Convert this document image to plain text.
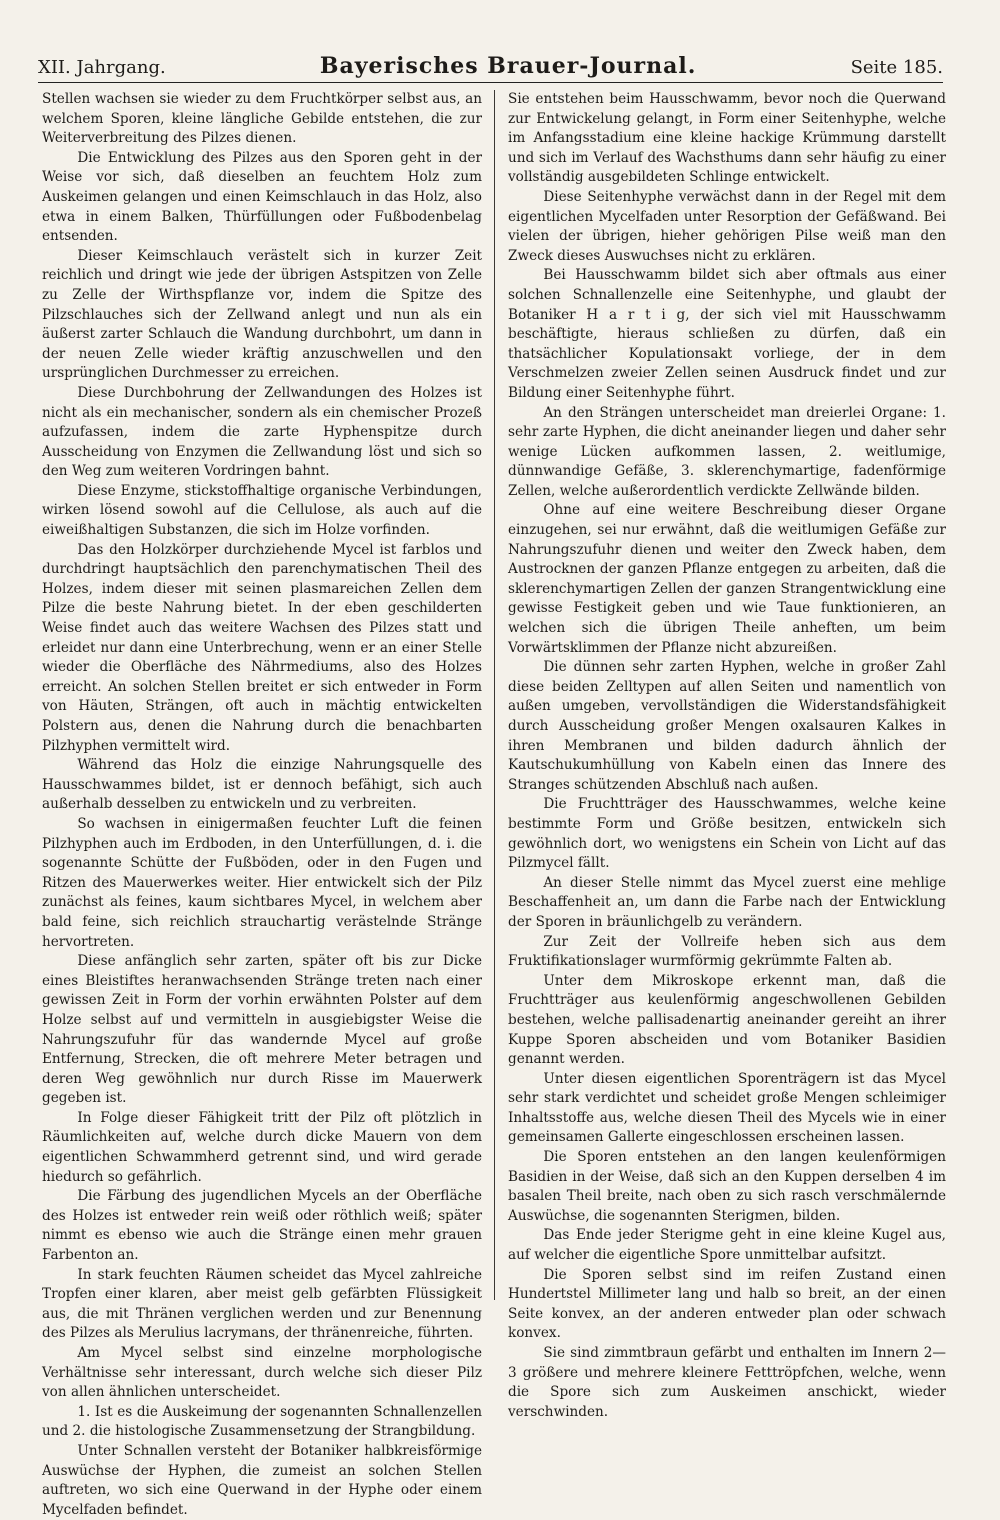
XII. Jahrgang.	Bayerisches Brauer-Journal.	Seite 185.

Stellen wachsen sie wieder zu dem Fruchtkörper selbst aus, an welchem Sporen, kleine längliche Gebilde entstehen, die zur Weiterverbreitung des Pilzes dienen.

Die Entwicklung des Pilzes aus den Sporen geht in der Weise vor sich, daß dieselben an feuchtem Holz zum Auskeimen gelangen und einen Keimschlauch in das Holz, also etwa in einem Balken, Thürfüllungen oder Fußbodenbelag entsenden.

Dieser Keimschlauch verästelt sich in kurzer Zeit reichlich und dringt wie jede der übrigen Astspitzen von Zelle zu Zelle der Wirthspflanze vor, indem die Spitze des Pilzschlauches sich der Zellwand anlegt und nun als ein äußerst zarter Schlauch die Wandung durchbohrt, um dann in der neuen Zelle wieder kräftig anzuschwellen und den ursprünglichen Durchmesser zu erreichen.

Diese Durchbohrung der Zellwandungen des Holzes ist nicht als ein mechanischer, sondern als ein chemischer Prozeß aufzufassen, indem die zarte Hyphenspitze durch Ausscheidung von Enzymen die Zellwandung löst und sich so den Weg zum weiteren Vordringen bahnt.

Diese Enzyme, stickstoffhaltige organische Verbindungen, wirken lösend sowohl auf die Cellulose, als auch auf die eiweißhaltigen Substanzen, die sich im Holze vorfinden.

Das den Holzkörper durchziehende Mycel ist farblos und durchdringt hauptsächlich den parenchymatischen Theil des Holzes, indem dieser mit seinen plasmareichen Zellen dem Pilze die beste Nahrung bietet. In der eben geschilderten Weise findet auch das weitere Wachsen des Pilzes statt und erleidet nur dann eine Unterbrechung, wenn er an einer Stelle wieder die Oberfläche des Nährmediums, also des Holzes erreicht. An solchen Stellen breitet er sich entweder in Form von Häuten, Strängen, oft auch in mächtig entwickelten Polstern aus, denen die Nahrung durch die benachbarten Pilzhyphen vermittelt wird.

Während das Holz die einzige Nahrungsquelle des Hausschwammes bildet, ist er dennoch befähigt, sich auch außerhalb desselben zu entwickeln und zu verbreiten.

So wachsen in einigermaßen feuchter Luft die feinen Pilzhyphen auch im Erdboden, in den Unterfüllungen, d. i. die sogenannte Schütte der Fußböden, oder in den Fugen und Ritzen des Mauerwerkes weiter. Hier entwickelt sich der Pilz zunächst als feines, kaum sichtbares Mycel, in welchem aber bald feine, sich reichlich strauchartig verästelnde Stränge hervortreten.

Diese anfänglich sehr zarten, später oft bis zur Dicke eines Bleistiftes heranwachsenden Stränge treten nach einer gewissen Zeit in Form der vorhin erwähnten Polster auf dem Holze selbst auf und vermitteln in ausgiebigster Weise die Nahrungszufuhr für das wandernde Mycel auf große Entfernung, Strecken, die oft mehrere Meter betragen und deren Weg gewöhnlich nur durch Risse im Mauerwerk gegeben ist.

In Folge dieser Fähigkeit tritt der Pilz oft plötzlich in Räumlichkeiten auf, welche durch dicke Mauern von dem eigentlichen Schwammherd getrennt sind, und wird gerade hiedurch so gefährlich.

Die Färbung des jugendlichen Mycels an der Oberfläche des Holzes ist entweder rein weiß oder röthlich weiß; später nimmt es ebenso wie auch die Stränge einen mehr grauen Farbenton an.

In stark feuchten Räumen scheidet das Mycel zahlreiche Tropfen einer klaren, aber meist gelb gefärbten Flüssigkeit aus, die mit Thränen verglichen werden und zur Benennung des Pilzes als Merulius lacrymans, der thränenreiche, führten.

Am Mycel selbst sind einzelne morphologische Verhältnisse sehr interessant, durch welche sich dieser Pilz von allen ähnlichen unterscheidet.

1. Ist es die Auskeimung der sogenannten Schnallenzellen und 2. die histologische Zusammensetzung der Strangbildung.

Unter Schnallen versteht der Botaniker halbkreisförmige Auswüchse der Hyphen, die zumeist an solchen Stellen auftreten, wo sich eine Querwand in der Hyphe oder einem Mycelfaden befindet.

Sie entstehen beim Hausschwamm, bevor noch die Querwand zur Entwickelung gelangt, in Form einer Seitenhyphe, welche im Anfangsstadium eine kleine hackige Krümmung darstellt und sich im Verlauf des Wachsthums dann sehr häufig zu einer vollständig ausgebildeten Schlinge entwickelt.

Diese Seitenhyphe verwächst dann in der Regel mit dem eigentlichen Mycelfaden unter Resorption der Gefäßwand. Bei vielen der übrigen, hieher gehörigen Pilse weiß man den Zweck dieses Auswuchses nicht zu erklären.

Bei Hausschwamm bildet sich aber oftmals aus einer solchen Schnallenzelle eine Seitenhyphe, und glaubt der Botaniker H a r t i g, der sich viel mit Hausschwamm beschäftigte, hieraus schließen zu dürfen, daß ein thatsächlicher Kopulationsakt vorliege, der in dem Verschmelzen zweier Zellen seinen Ausdruck findet und zur Bildung einer Seitenhyphe führt.

An den Strängen unterscheidet man dreierlei Organe: 1. sehr zarte Hyphen, die dicht aneinander liegen und daher sehr wenige Lücken aufkommen lassen, 2. weitlumige, dünnwandige Gefäße, 3. sklerenchymartige, fadenförmige Zellen, welche außerordentlich verdickte Zellwände bilden.

Ohne auf eine weitere Beschreibung dieser Organe einzugehen, sei nur erwähnt, daß die weitlumigen Gefäße zur Nahrungszufuhr dienen und weiter den Zweck haben, dem Austrocknen der ganzen Pflanze entgegen zu arbeiten, daß die sklerenchymartigen Zellen der ganzen Strangentwicklung eine gewisse Festigkeit geben und wie Taue funktionieren, an welchen sich die übrigen Theile anheften, um beim Vorwärtsklimmen der Pflanze nicht abzureißen.

Die dünnen sehr zarten Hyphen, welche in großer Zahl diese beiden Zelltypen auf allen Seiten und namentlich von außen umgeben, vervollständigen die Widerstandsfähigkeit durch Ausscheidung großer Mengen oxalsauren Kalkes in ihren Membranen und bilden dadurch ähnlich der Kautschukumhüllung von Kabeln einen das Innere des Stranges schützenden Abschluß nach außen.

Die Fruchtträger des Hausschwammes, welche keine bestimmte Form und Größe besitzen, entwickeln sich gewöhnlich dort, wo wenigstens ein Schein von Licht auf das Pilzmycel fällt.

An dieser Stelle nimmt das Mycel zuerst eine mehlige Beschaffenheit an, um dann die Farbe nach der Entwicklung der Sporen in bräunlichgelb zu verändern.

Zur Zeit der Vollreife heben sich aus dem Fruktifikationslager wurmförmig gekrümmte Falten ab.

Unter dem Mikroskope erkennt man, daß die Fruchtträger aus keulenförmig angeschwollenen Gebilden bestehen, welche pallisadenartig aneinander gereiht an ihrer Kuppe Sporen abscheiden und vom Botaniker Basidien genannt werden.

Unter diesen eigentlichen Sporenträgern ist das Mycel sehr stark verdichtet und scheidet große Mengen schleimiger Inhaltsstoffe aus, welche diesen Theil des Mycels wie in einer gemeinsamen Gallerte eingeschlossen erscheinen lassen.

Die Sporen entstehen an den langen keulenförmigen Basidien in der Weise, daß sich an den Kuppen derselben 4 im basalen Theil breite, nach oben zu sich rasch verschmälernde Auswüchse, die sogenannten Sterigmen, bilden.

Das Ende jeder Sterigme geht in eine kleine Kugel aus, auf welcher die eigentliche Spore unmittelbar aufsitzt.

Die Sporen selbst sind im reifen Zustand einen Hundertstel Millimeter lang und halb so breit, an der einen Seite konvex, an der anderen entweder plan oder schwach konvex.

Sie sind zimmtbraun gefärbt und enthalten im Innern 2—3 größere und mehrere kleinere Fetttröpfchen, welche, wenn die Spore sich zum Auskeimen anschickt, wieder verschwinden.
